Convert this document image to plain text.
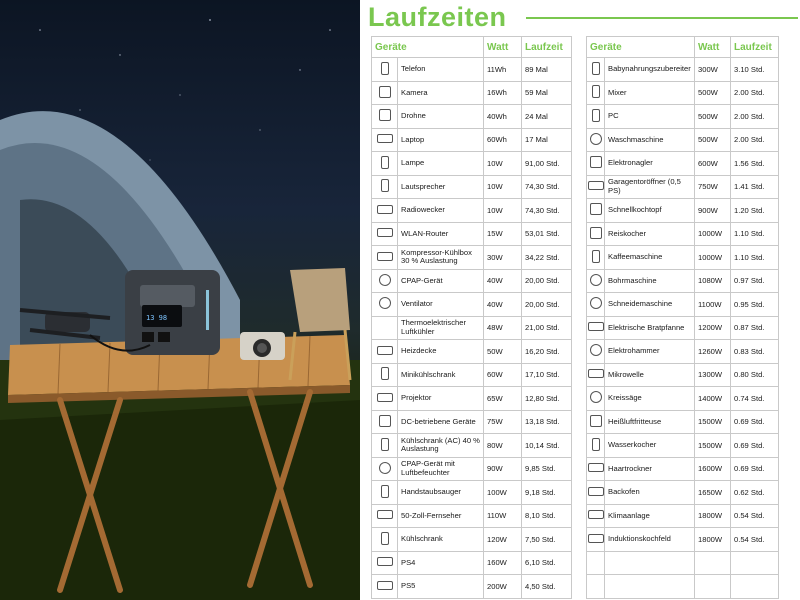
13 98
Laufzeiten
Geräte		Watt	Laufzeit
	Telefon	11Wh	89 Mal
	Kamera	16Wh	59 Mal
	Drohne	40Wh	24 Mal
	Laptop	60Wh	17 Mal
	Lampe	10W	91,00 Std.
	Lautsprecher	10W	74,30 Std.
	Radiowecker	10W	74,30 Std.
	WLAN-Router	15W	53,01 Std.
	Kompressor-Kühlbox 30 % Auslastung	30W	34,22 Std.
	CPAP-Gerät	40W	20,00 Std.
	Ventilator	40W	20,00 Std.
	Thermoelektrischer Luftkühler	48W	21,00 Std.
	Heizdecke	50W	16,20 Std.
	Minikühlschrank	60W	17,10 Std.
	Projektor	65W	12,80 Std.
	DC-betriebene Geräte	75W	13,18 Std.
	Kühlschrank (AC) 40 % Auslastung	80W	10,14 Std.
	CPAP-Gerät mit Luftbefeuchter	90W	9,85 Std.
	Handstaubsauger	100W	9,18 Std.
	50-Zoll-Fernseher	110W	8,10 Std.
	Kühlschrank	120W	7,50 Std.
	PS4	160W	6,10 Std.
	PS5	200W	4,50 Std.
Geräte		Watt	Laufzeit
	Babynahrungszubereiter	300W	3.10 Std.
	Mixer	500W	2.00 Std.
	PC	500W	2.00 Std.
	Waschmaschine	500W	2.00 Std.
	Elektronagler	600W	1.56 Std.
	Garagentoröffner (0,5 PS)	750W	1.41 Std.
	Schnellkochtopf	900W	1.20 Std.
	Reiskocher	1000W	1.10 Std.
	Kaffeemaschine	1000W	1.10 Std.
	Bohrmaschine	1080W	0.97 Std.
	Schneidemaschine	1100W	0.95 Std.
	Elektrische Bratpfanne	1200W	0.87 Std.
	Elektrohammer	1260W	0.83 Std.
	Mikrowelle	1300W	0.80 Std.
	Kreissäge	1400W	0.74 Std.
	Heißluftfritteuse	1500W	0.69 Std.
	Wasserkocher	1500W	0.69 Std.
	Haartrockner	1600W	0.69 Std.
	Backofen	1650W	0.62 Std.
	Klimaanlage	1800W	0.54 Std.
	Induktionskochfeld	1800W	0.54 Std.
